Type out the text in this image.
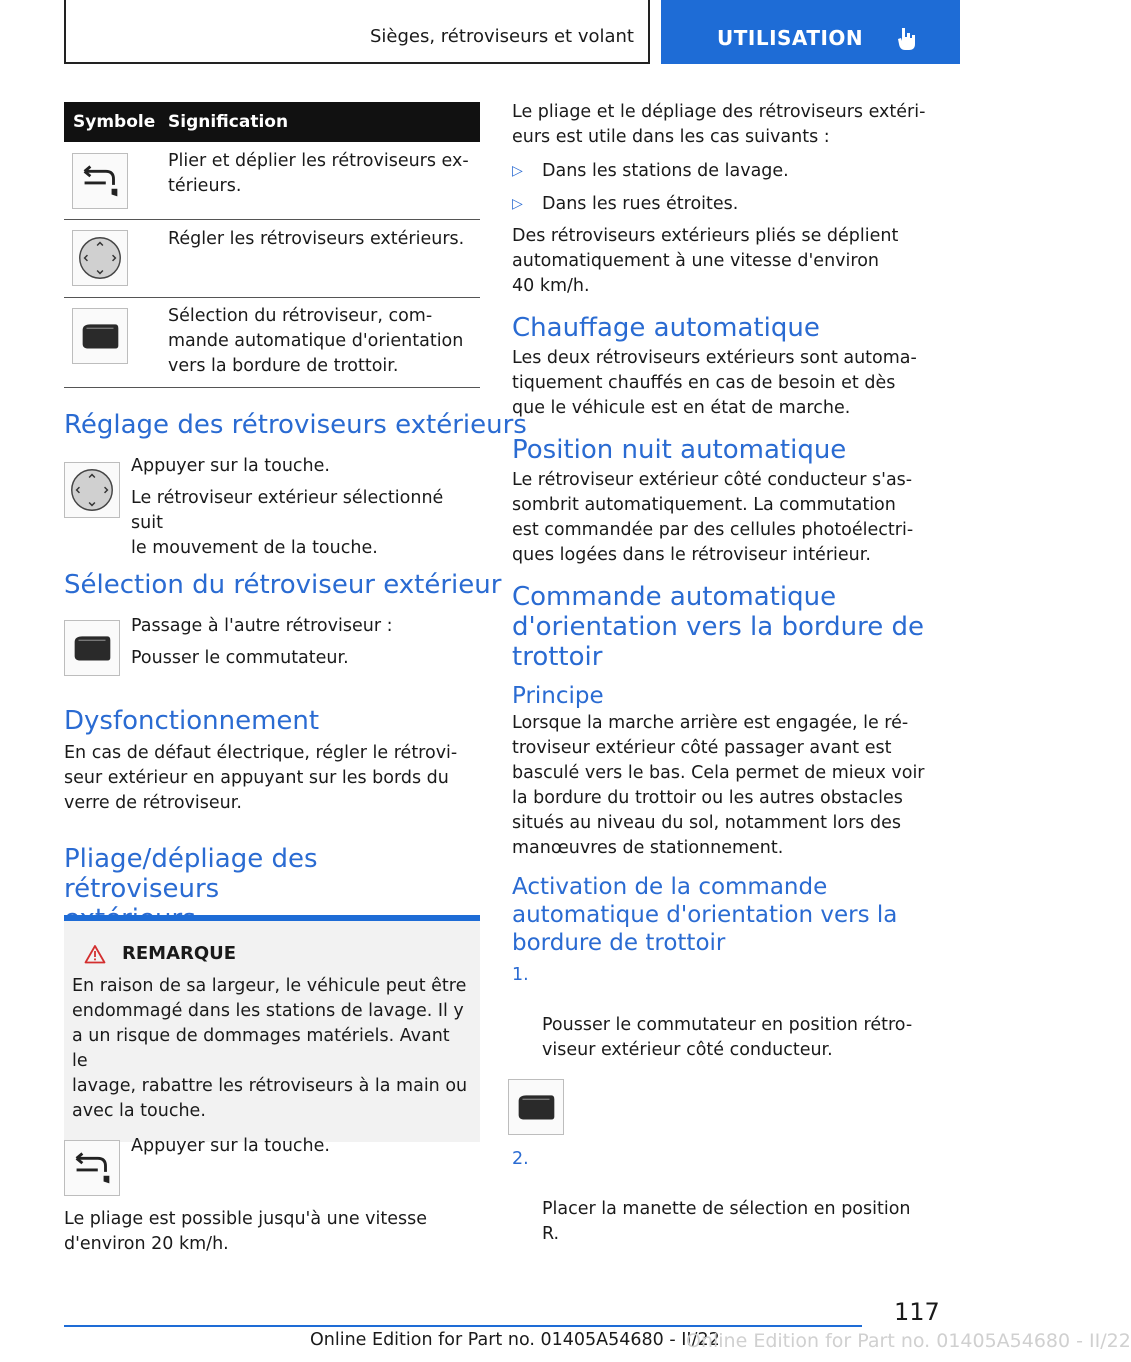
Sièges, rétroviseurs et volant	UTILISATION
Symbole Signification
Plier et déplier les rétroviseurs ex-
térieurs.
Régler les rétroviseurs extérieurs.
Sélection du rétroviseur, com-
mande automatique d'orientation
vers la bordure de trottoir.
Réglage des rétroviseurs extérieurs

Appuyer sur la touche.

Le rétroviseur extérieur sélectionné suit
le mouvement de la touche.

Sélection du rétroviseur extérieur

Passage à l'autre rétroviseur :

Pousser le commutateur.

Dysfonctionnement

En cas de défaut électrique, régler le rétrovi-
seur extérieur en appuyant sur les bords du
verre de rétroviseur.

Pliage/dépliage des rétroviseurs

REMARQUE

En raison de sa largeur, le véhicule peut être
endommagé dans les stations de lavage. Il y
a un risque de dommages matériels. Avant le
lavage, rabattre les rétroviseurs à la main ou
avec la touche.

Appuyer sur la touche.

Le pliage est possible jusqu'à une vitesse
d'environ 20 km/h.

Le pliage et le dépliage des rétroviseurs extéri-
eurs est utile dans les cas suivants :

▷ Dans les stations de lavage.
▷ Dans les rues étroites.

Des rétroviseurs extérieurs pliés se déplient
automatiquement à une vitesse d'environ
40 km/h.

Chauffage automatique

Les deux rétroviseurs extérieurs sont automa-
tiquement chauffés en cas de besoin et dès
que le véhicule est en état de marche.

Position nuit automatique

Le rétroviseur extérieur côté conducteur s'as-
sombrit automatiquement. La commutation
est commandée par des cellules photoélectri-
ques logées dans le rétroviseur intérieur.

Commande automatique
d'orientation vers la bordure de
trottoir
Principe

Lorsque la marche arrière est engagée, le ré-
troviseur extérieur côté passager avant est
basculé vers le bas. Cela permet de mieux voir
la bordure du trottoir ou les autres obstacles
situés au niveau du sol, notamment lors des
manœuvres de stationnement.

Activation de la commande
automatique d'orientation vers la
bordure de trottoir

1.

Pousser le commutateur en position rétro-
viseur extérieur côté conducteur.

2.

Placer la manette de sélection en position
R.

117
Online Edition for Part no. 01405A54680 - II/22
Online Edition for Part no. 01405A54680 - II/22
